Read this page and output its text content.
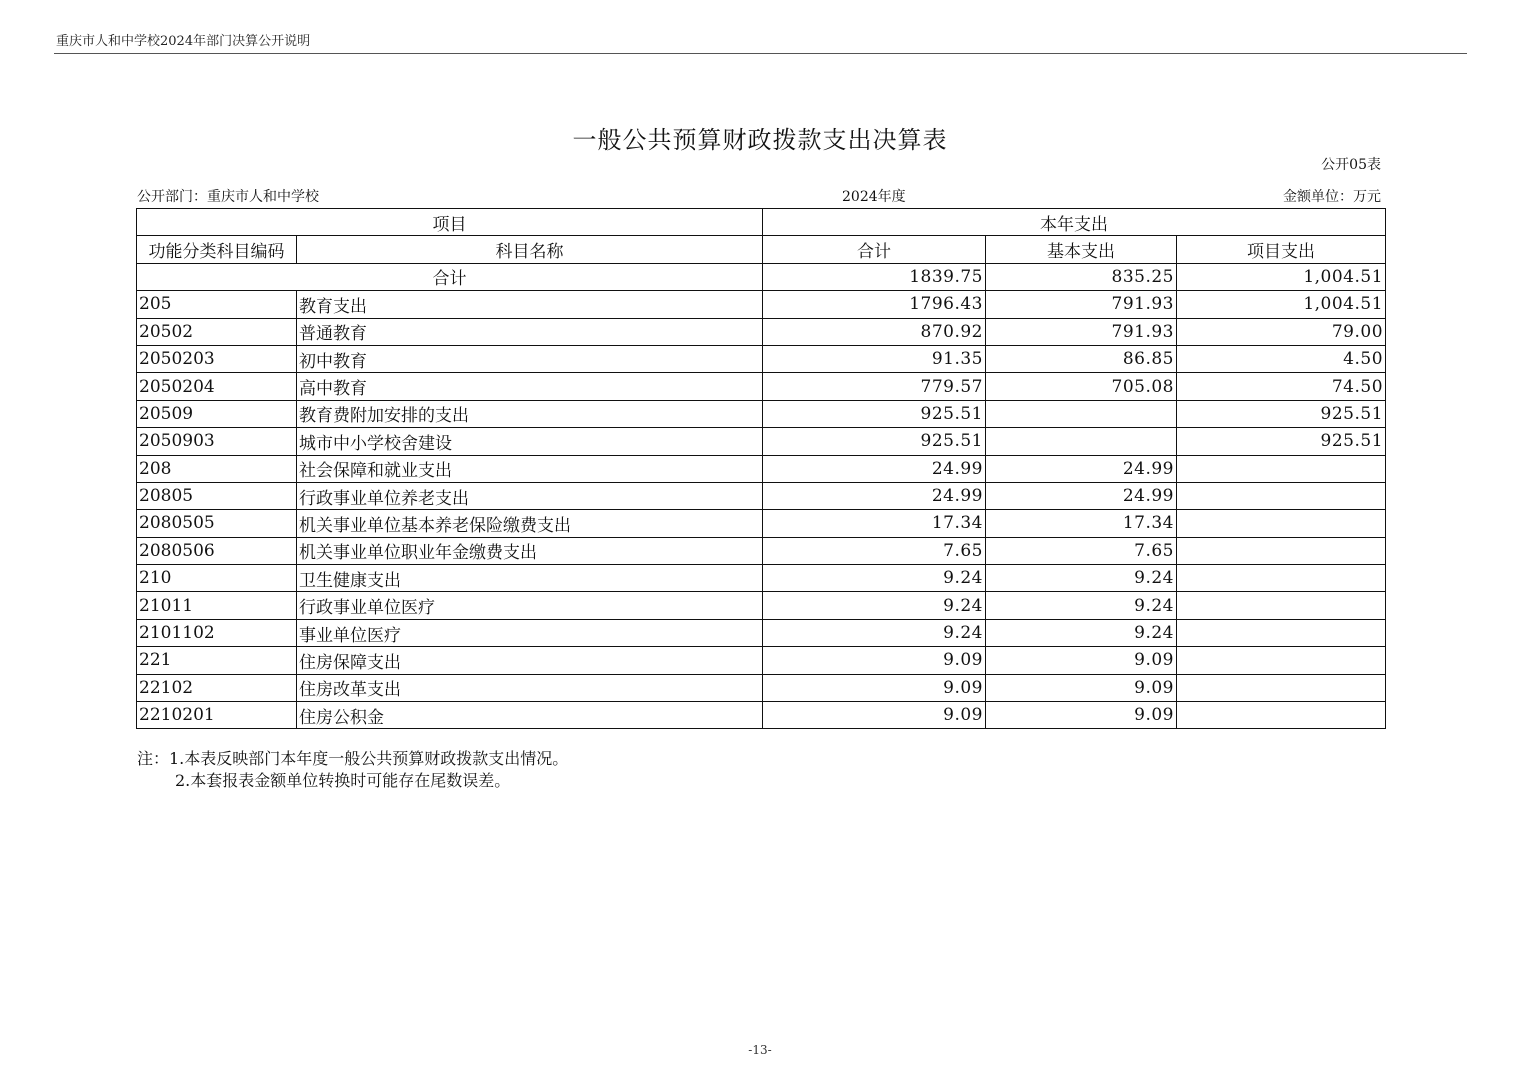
重庆市人和中学校2024年部门决算公开说明
一般公共预算财政拨款支出决算表
公开05表
公开部门：重庆市人和中学校	2024年度	金额单位：万元
项目		本年支出		
功能分类科目编码	科目名称	合计	基本支出	项目支出
合计		1839.75	835.25	1,004.51
205	教育支出	1796.43	791.93	1,004.51
20502	普通教育	870.92	791.93	79.00
2050203	初中教育	91.35	86.85	4.50
2050204	高中教育	779.57	705.08	74.50
20509	教育费附加安排的支出	925.51		925.51
2050903	城市中小学校舍建设	925.51		925.51
208	社会保障和就业支出	24.99	24.99	
20805	行政事业单位养老支出	24.99	24.99	
2080505	机关事业单位基本养老保险缴费支出	17.34	17.34	
2080506	机关事业单位职业年金缴费支出	7.65	7.65	
210	卫生健康支出	9.24	9.24	
21011	行政事业单位医疗	9.24	9.24	
2101102	事业单位医疗	9.24	9.24	
221	住房保障支出	9.09	9.09	
22102	住房改革支出	9.09	9.09	
2210201	住房公积金	9.09	9.09	
注：1.本表反映部门本年度一般公共预算财政拨款支出情况。
2.本套报表金额单位转换时可能存在尾数误差。
-13-
